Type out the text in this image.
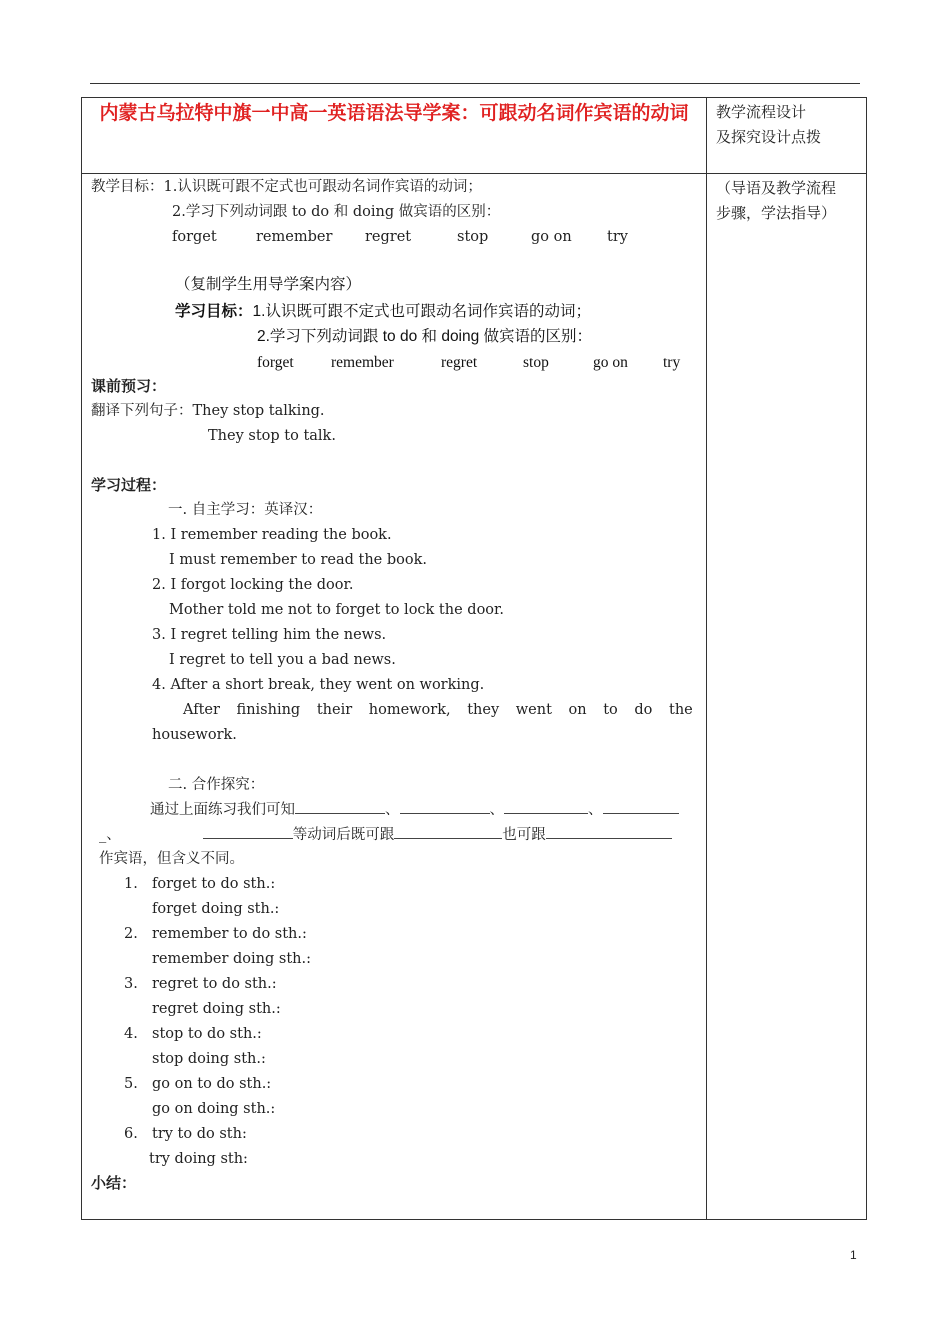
内蒙古乌拉特中旗一中高一英语语法导学案：可跟动名词作宾语的动词	教学流程设计
及探究设计点拨
（导语及教学流程
步骤，学法指导）
教学目标：1.认识既可跟不定式也可跟动名词作宾语的动词；
2.学习下列动词跟 to do 和 doing 做宾语的区别：
forget	remember regret	stop	go on try
（复制学生用导学案内容）
学习目标：1.认识既可跟不定式也可跟动名词作宾语的动词；
2.学习下列动词跟 to do 和 doing 做宾语的区别：
forget remember	regret	stop	go on try
课前预习：
翻译下列句子：They stop talking.
They stop to talk.
学习过程：
一. 自主学习：英译汉：
1. I remember reading the book.
I must remember to read the book.
2. I forgot locking the door.
Mother told me not to forget to lock the door.
3. I regret telling him the news.
I regret to tell you a bad news.
4. After a short break, they went on working.
After finishing their homework, they went on to do the
housework.
二. 合作探究：
通过上面练习我们可知	、	、	、
_、	等动词后既可跟	也可跟
作宾语，但含义不同。
1. forget to do sth.:
forget doing sth.:
2. remember to do sth.:
remember doing sth.:
3. regret to do sth.:
regret doing sth.:
4. stop to do sth.:
stop doing sth.:
5. go on to do sth.:
go on doing sth.:
6. try to do sth:
try doing sth:
小结：
1
